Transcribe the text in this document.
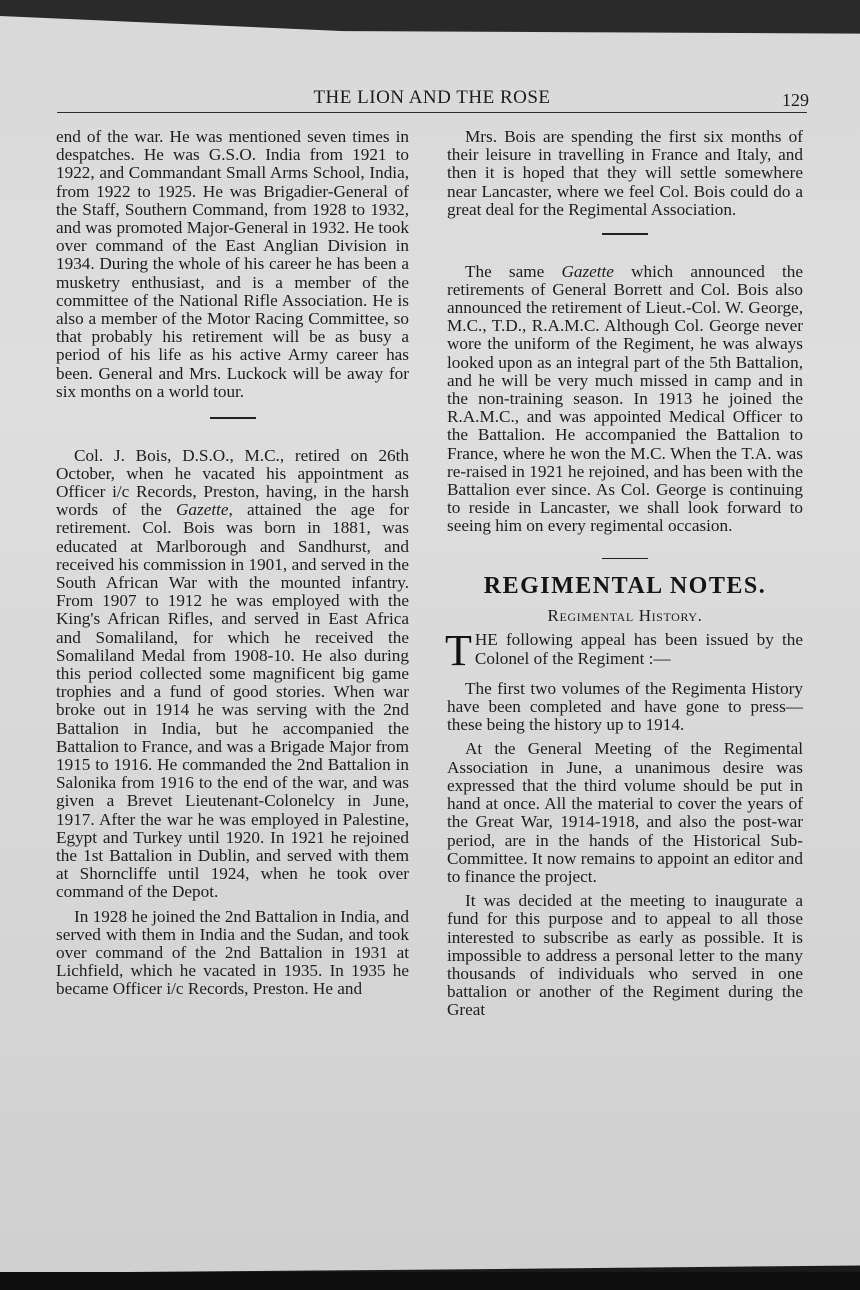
THE LION AND THE ROSE	129

end of the war. He was mentioned seven times in despatches. He was G.S.O. India from 1921 to 1922, and Commandant Small Arms School, India, from 1922 to 1925. He was Brigadier-General of the Staff, Southern Command, from 1928 to 1932, and was promoted Major-General in 1932. He took over command of the East Anglian Division in 1934. During the whole of his career he has been a musketry enthusiast, and is a member of the committee of the National Rifle Association. He is also a member of the Motor Racing Committee, so that probably his retirement will be as busy a period of his life as his active Army career has been. General and Mrs. Luckock will be away for six months on a world tour.

Col. J. Bois, D.S.O., M.C., retired on 26th October, when he vacated his appointment as Officer i/c Records, Preston, having, in the harsh words of the Gazette, attained the age for retirement. Col. Bois was born in 1881, was educated at Marlborough and Sandhurst, and received his commission in 1901, and served in the South African War with the mounted infantry. From 1907 to 1912 he was employed with the King's African Rifles, and served in East Africa and Somaliland, for which he received the Somaliland Medal from 1908-10. He also during this period collected some magnificent big game trophies and a fund of good stories. When war broke out in 1914 he was serving with the 2nd Battalion in India, but he accompanied the Battalion to France, and was a Brigade Major from 1915 to 1916. He commanded the 2nd Battalion in Salonika from 1916 to the end of the war, and was given a Brevet Lieutenant-Colonelcy in June, 1917. After the war he was employed in Palestine, Egypt and Turkey until 1920. In 1921 he rejoined the 1st Battalion in Dublin, and served with them at Shorncliffe until 1924, when he took over command of the Depot.

In 1928 he joined the 2nd Battalion in India, and served with them in India and the Sudan, and took over command of the 2nd Battalion in 1931 at Lichfield, which he vacated in 1935. In 1935 he became Officer i/c Records, Preston. He and

Mrs. Bois are spending the first six months of their leisure in travelling in France and Italy, and then it is hoped that they will settle somewhere near Lancaster, where we feel Col. Bois could do a great deal for the Regimental Association.

The same Gazette which announced the retirements of General Borrett and Col. Bois also announced the retirement of Lieut.-Col. W. George, M.C., T.D., R.A.M.C. Although Col. George never wore the uniform of the Regiment, he was always looked upon as an integral part of the 5th Battalion, and he will be very much missed in camp and in the non-training season. In 1913 he joined the R.A.M.C., and was appointed Medical Officer to the Battalion. He accompanied the Battalion to France, where he won the M.C. When the T.A. was re-raised in 1921 he rejoined, and has been with the Battalion ever since. As Col. George is continuing to reside in Lancaster, we shall look forward to seeing him on every regimental occasion.

REGIMENTAL NOTES.
Regimental History.

THE following appeal has been issued by the Colonel of the Regiment :—

The first two volumes of the Regimenta History have been completed and have gone to press—these being the history up to 1914.

At the General Meeting of the Regimental Association in June, a unanimous desire was expressed that the third volume should be put in hand at once. All the material to cover the years of the Great War, 1914-1918, and also the post-war period, are in the hands of the Historical Sub-Committee. It now remains to appoint an editor and to finance the project.

It was decided at the meeting to inaugurate a fund for this purpose and to appeal to all those interested to subscribe as early as possible. It is impossible to address a personal letter to the many thousands of individuals who served in one battalion or another of the Regiment during the Great
